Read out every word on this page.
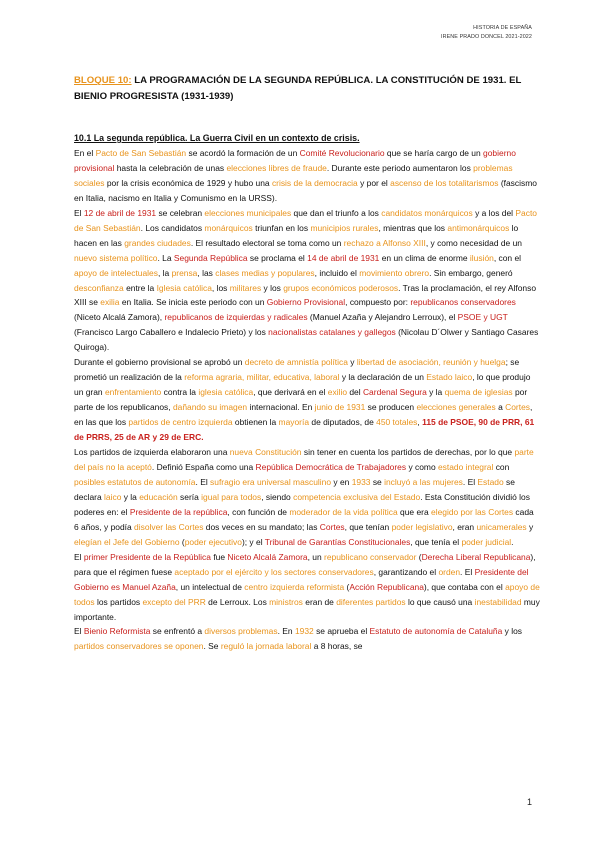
HISTORIA DE ESPAÑA
IRENE PRADO DONCEL 2021-2022
BLOQUE 10: LA PROGRAMACIÓN DE LA SEGUNDA REPÚBLICA. LA CONSTITUCIÓN DE 1931. EL BIENIO PROGRESISTA (1931-1939)

10.1 La segunda república. La Guerra Civil en un contexto de crisis.

En el Pacto de San Sebastián se acordó la formación de un Comité Revolucionario que se haría cargo de un gobierno provisional hasta la celebración de unas elecciones libres de fraude. Durante este periodo aumentaron los problemas sociales por la crisis económica de 1929 y hubo una crisis de la democracia y por el ascenso de los totalitarismos (fascismo en Italia, nacismo en Italia y Comunismo en la URSS).

El 12 de abril de 1931 se celebran elecciones municipales que dan el triunfo a los candidatos monárquicos y a los del Pacto de San Sebastián. Los candidatos monárquicos triunfan en los municipios rurales, mientras que los antimonárquicos lo hacen en las grandes ciudades. El resultado electoral se toma como un rechazo a Alfonso XIII, y como necesidad de un nuevo sistema político. La Segunda República se proclama el 14 de abril de 1931 en un clima de enorme ilusión, con el apoyo de intelectuales, la prensa, las clases medias y populares, incluido el movimiento obrero. Sin embargo, generó desconfianza entre la Iglesia católica, los militares y los grupos económicos poderosos. Tras la proclamación, el rey Alfonso XIII se exilia en Italia. Se inicia este periodo con un Gobierno Provisional, compuesto por: republicanos conservadores (Niceto Alcalá Zamora), republicanos de izquierdas y radicales (Manuel Azaña y Alejandro Lerroux), el PSOE y UGT (Francisco Largo Caballero e Indalecio Prieto) y los nacionalistas catalanes y gallegos (Nicolau D´Olwer y Santiago Casares Quiroga).

Durante el gobierno provisional se aprobó un decreto de amnistía política y libertad de asociación, reunión y huelga; se prometió un realización de la reforma agraria, militar, educativa, laboral y la declaración de un Estado laico, lo que produjo un gran enfrentamiento contra la iglesia católica, que derivará en el exilio del Cardenal Segura y la quema de iglesias por parte de los republicanos, dañando su imagen internacional. En junio de 1931 se producen elecciones generales a Cortes, en las que los partidos de centro izquierda obtienen la mayoría de diputados, de 450 totales, 115 de PSOE, 90 de PRR, 61 de PRRS, 25 de AR y 29 de ERC.

Los partidos de izquierda elaboraron una nueva Constitución sin tener en cuenta los partidos de derechas, por lo que parte del país no la aceptó. Definió España como una República Democrática de Trabajadores y como estado integral con posibles estatutos de autonomía. El sufragio era universal masculino y en 1933 se incluyó a las mujeres. El Estado se declara laico y la educación sería igual para todos, siendo competencia exclusiva del Estado. Esta Constitución dividió los poderes en: el Presidente de la república, con función de moderador de la vida política que era elegido por las Cortes cada 6 años, y podía disolver las Cortes dos veces en su mandato; las Cortes, que tenían poder legislativo, eran unicamerales y elegían el Jefe del Gobierno (poder ejecutivo); y el Tribunal de Garantías Constitucionales, que tenía el poder judicial.

El primer Presidente de la República fue Niceto Alcalá Zamora, un republicano conservador (Derecha Liberal Republicana), para que el régimen fuese aceptado por el ejército y los sectores conservadores, garantizando el orden. El Presidente del Gobierno es Manuel Azaña, un intelectual de centro izquierda reformista (Acción Republicana), que contaba con el apoyo de todos los partidos excepto del PRR de Lerroux. Los ministros eran de diferentes partidos lo que causó una inestabilidad muy importante.

El Bienio Reformista se enfrentó a diversos problemas. En 1932 se aprueba el Estatuto de autonomía de Cataluña y los partidos conservadores se oponen. Se reguló la jornada laboral a 8 horas, se

1
